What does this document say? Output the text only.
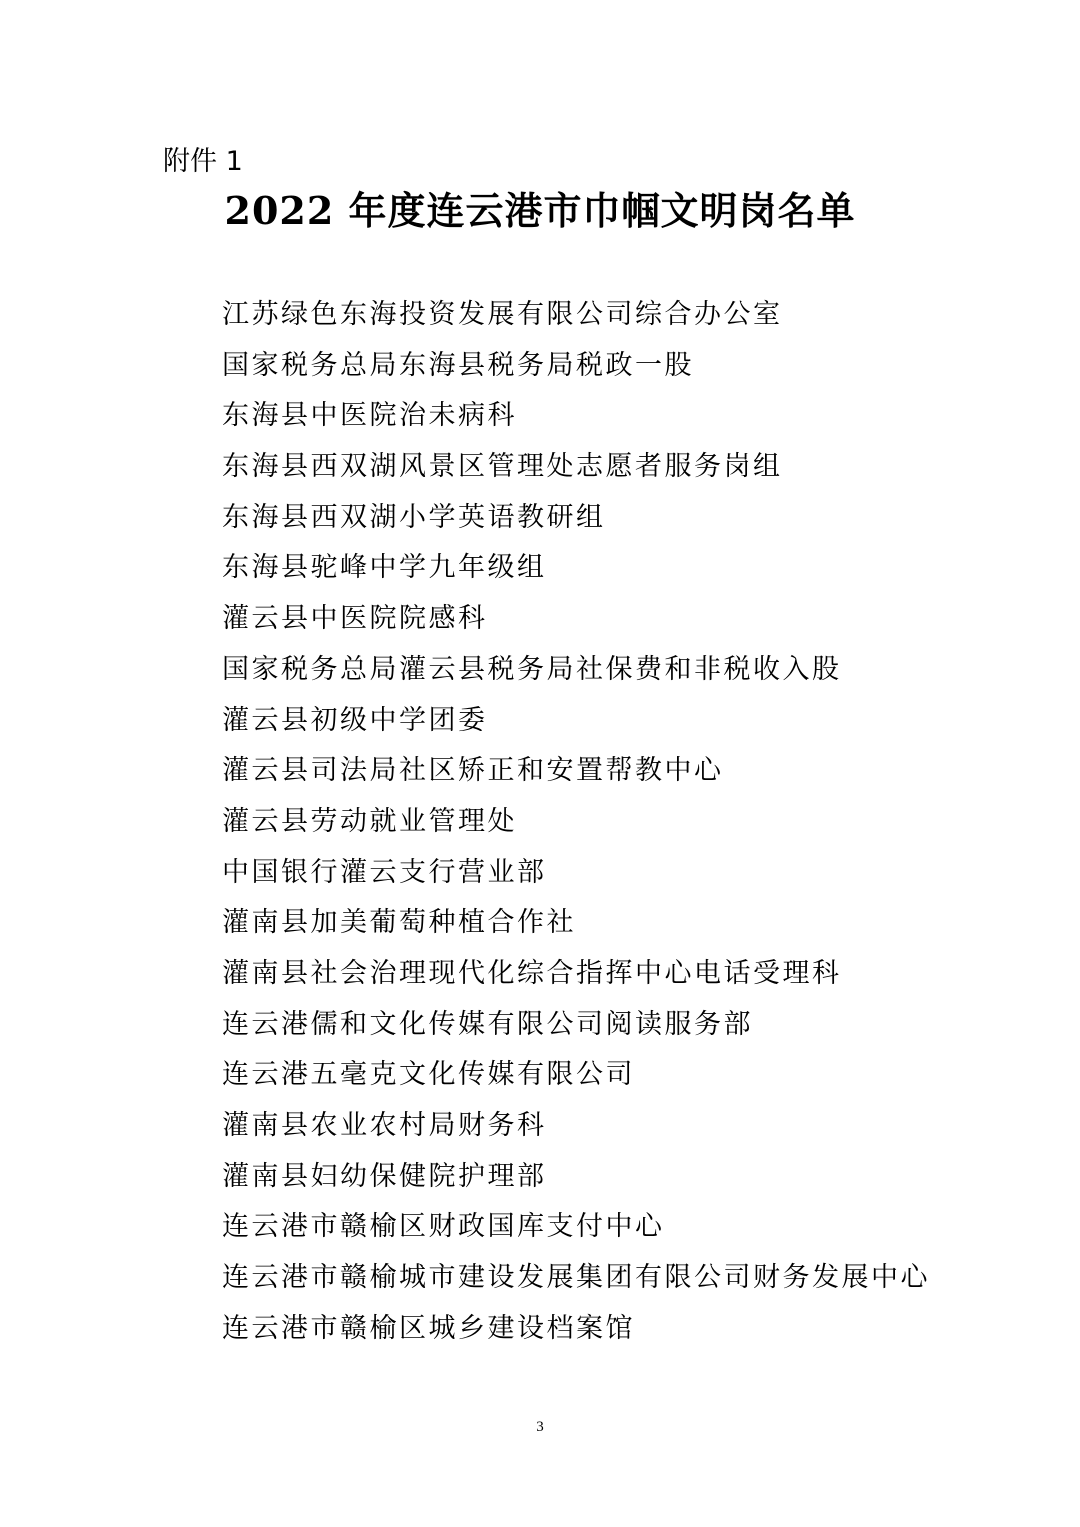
附件 1
2022 年度连云港市巾帼文明岗名单
江苏绿色东海投资发展有限公司综合办公室
国家税务总局东海县税务局税政一股
东海县中医院治未病科
东海县西双湖风景区管理处志愿者服务岗组
东海县西双湖小学英语教研组
东海县驼峰中学九年级组
灌云县中医院院感科
国家税务总局灌云县税务局社保费和非税收入股
灌云县初级中学团委
灌云县司法局社区矫正和安置帮教中心
灌云县劳动就业管理处
中国银行灌云支行营业部
灌南县加美葡萄种植合作社
灌南县社会治理现代化综合指挥中心电话受理科
连云港儒和文化传媒有限公司阅读服务部
连云港五毫克文化传媒有限公司
灌南县农业农村局财务科
灌南县妇幼保健院护理部
连云港市赣榆区财政国库支付中心
连云港市赣榆城市建设发展集团有限公司财务发展中心
连云港市赣榆区城乡建设档案馆
3
